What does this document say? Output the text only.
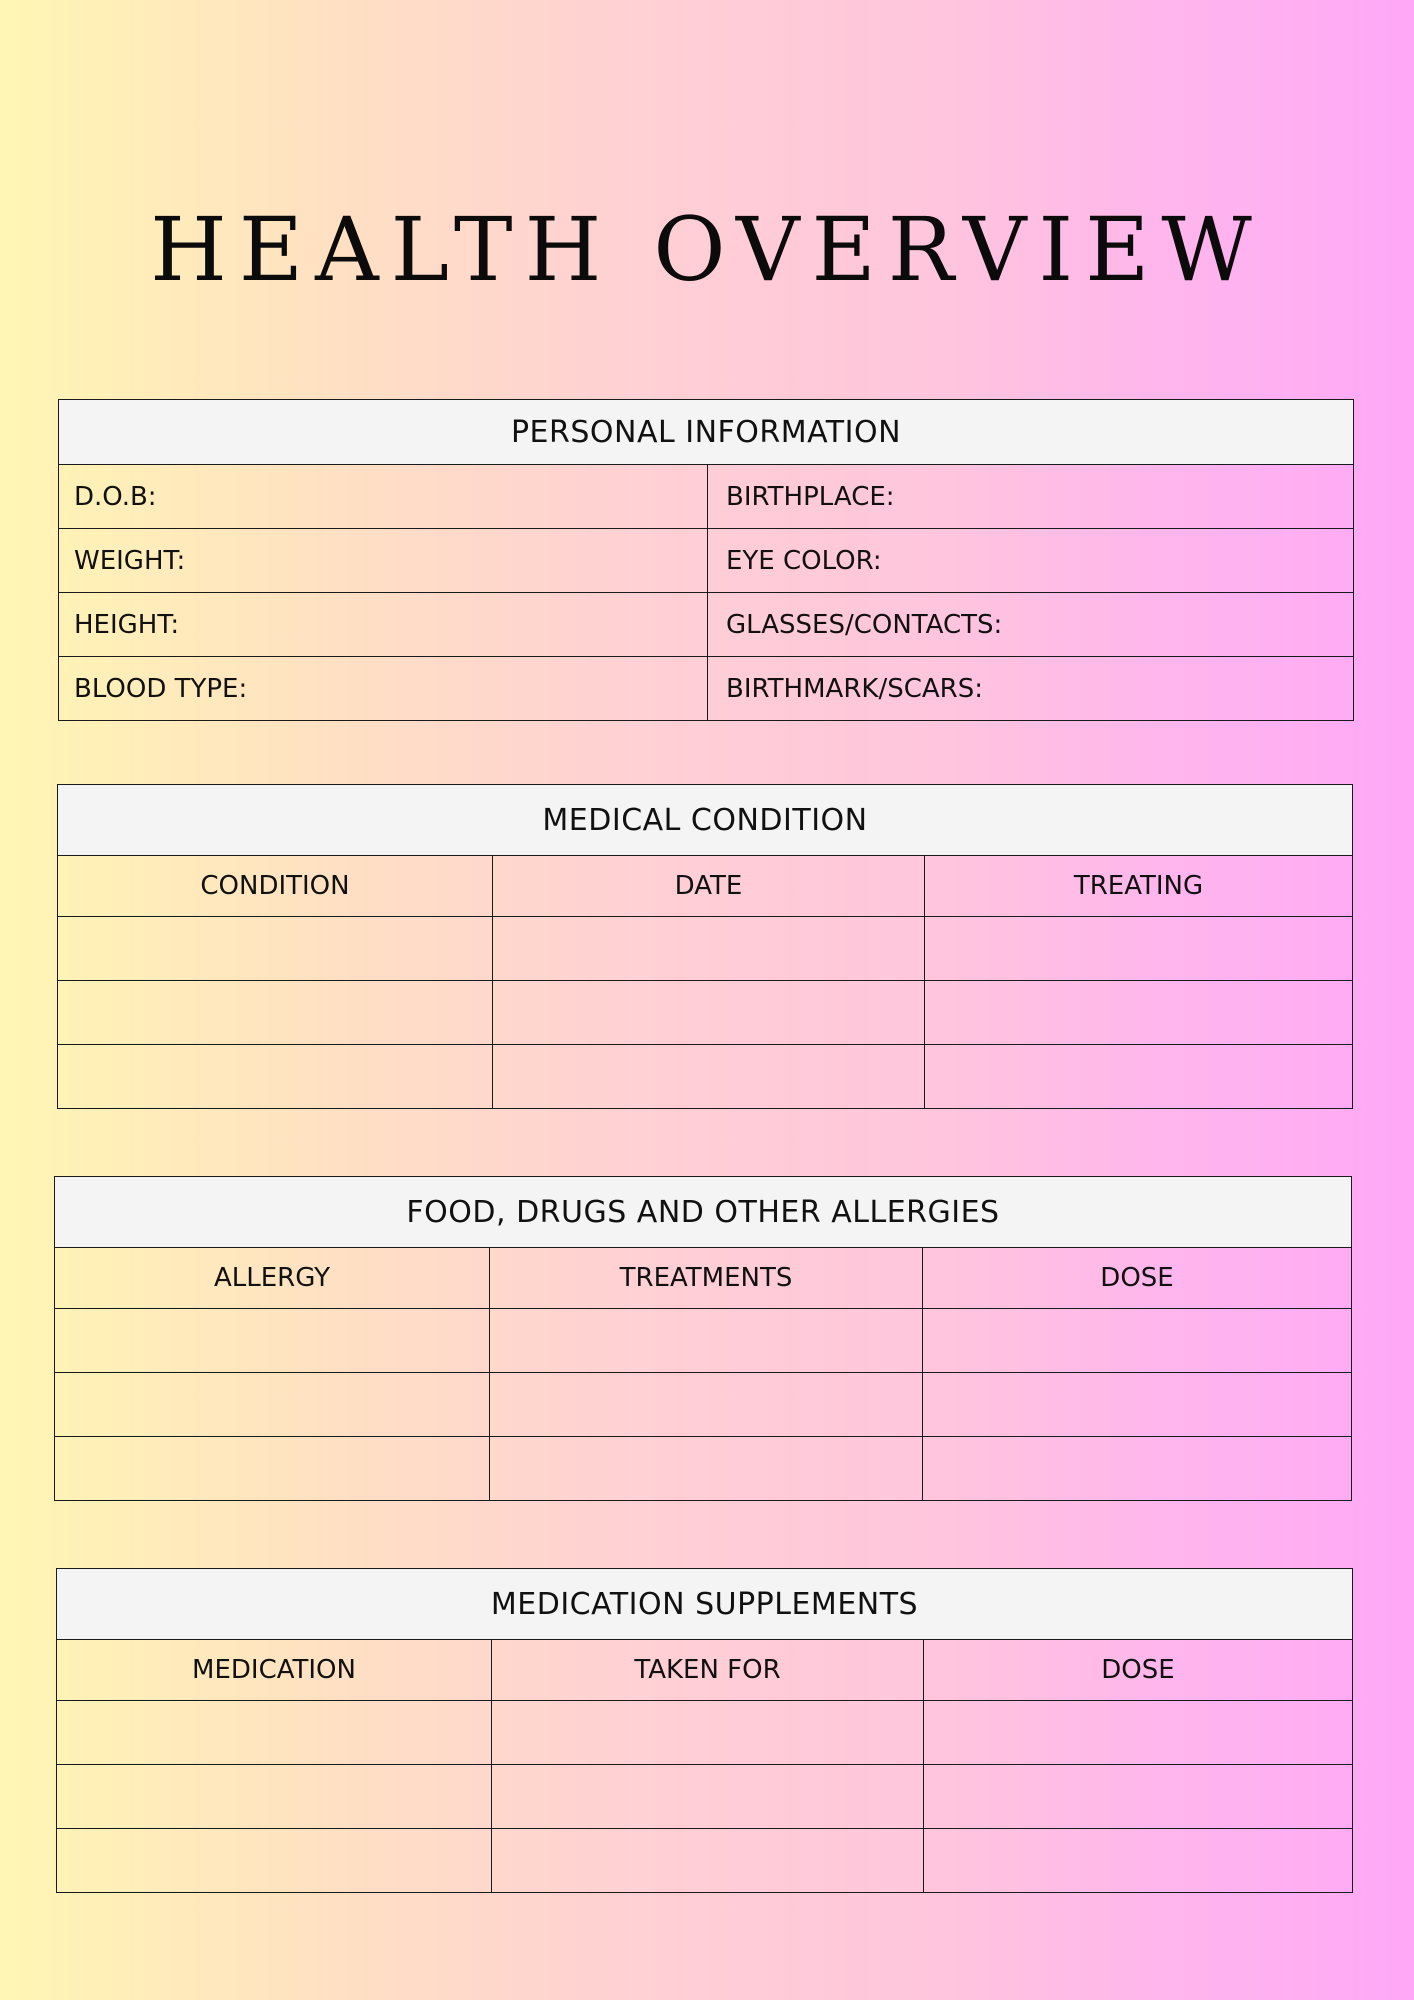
HEALTH OVERVIEW
PERSONAL INFORMATION	
D.O.B:	BIRTHPLACE:
WEIGHT:	EYE COLOR:
HEIGHT:	GLASSES/CONTACTS:
BLOOD TYPE:	BIRTHMARK/SCARS:
MEDICAL CONDITION		
CONDITION	DATE	TREATING

FOOD, DRUGS AND OTHER ALLERGIES		
ALLERGY	TREATMENTS	DOSE

MEDICATION SUPPLEMENTS		
MEDICATION	TAKEN FOR	DOSE
